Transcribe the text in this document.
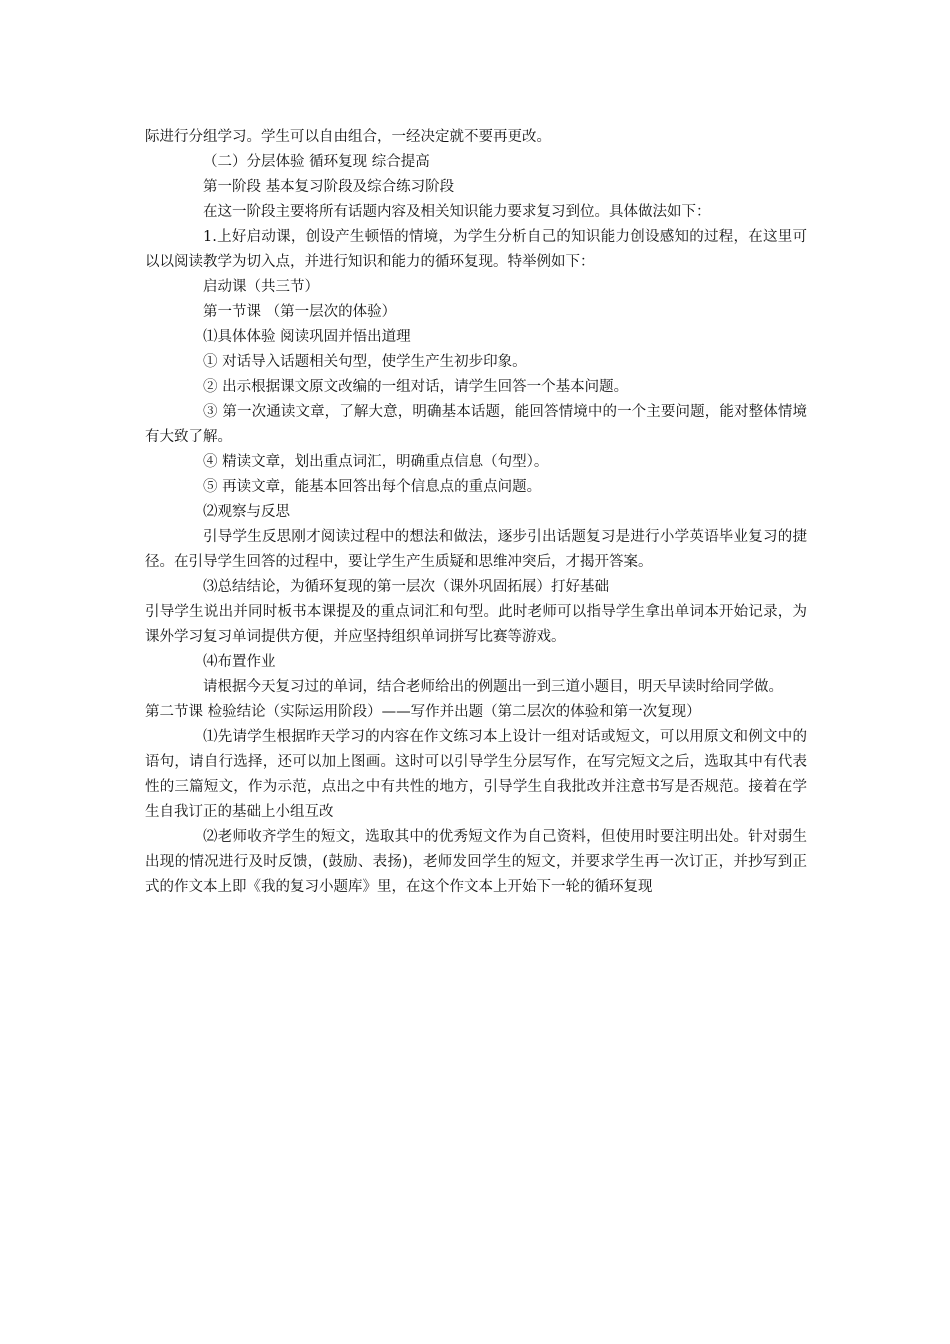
际进行分组学习。学生可以自由组合，一经决定就不要再更改。

（二）分层体验 循环复现 综合提高

第一阶段 基本复习阶段及综合练习阶段

在这一阶段主要将所有话题内容及相关知识能力要求复习到位。具体做法如下：

1.上好启动课，创设产生顿悟的情境，为学生分析自己的知识能力创设感知的过程，在这里可以以阅读教学为切入点，并进行知识和能力的循环复现。特举例如下：

启动课（共三节）

第一节课 （第一层次的体验）

⑴具体体验 阅读巩固并悟出道理

① 对话导入话题相关句型，使学生产生初步印象。

② 出示根据课文原文改编的一组对话，请学生回答一个基本问题。

③ 第一次通读文章，了解大意，明确基本话题，能回答情境中的一个主要问题，能对整体情境有大致了解。

④ 精读文章，划出重点词汇，明确重点信息（句型）。

⑤ 再读文章，能基本回答出每个信息点的重点问题。

⑵观察与反思

引导学生反思刚才阅读过程中的想法和做法，逐步引出话题复习是进行小学英语毕业复习的捷径。在引导学生回答的过程中，要让学生产生质疑和思维冲突后，才揭开答案。

⑶总结结论，为循环复现的第一层次（课外巩固拓展）打好基础

引导学生说出并同时板书本课提及的重点词汇和句型。此时老师可以指导学生拿出单词本开始记录，为课外学习复习单词提供方便，并应坚持组织单词拼写比赛等游戏。

⑷布置作业

请根据今天复习过的单词，结合老师给出的例题出一到三道小题目，明天早读时给同学做。

第二节课 检验结论（实际运用阶段）——写作并出题（第二层次的体验和第一次复现）

⑴先请学生根据昨天学习的内容在作文练习本上设计一组对话或短文，可以用原文和例文中的语句，请自行选择，还可以加上图画。这时可以引导学生分层写作，在写完短文之后，选取其中有代表性的三篇短文，作为示范，点出之中有共性的地方，引导学生自我批改并注意书写是否规范。接着在学生自我订正的基础上小组互改

⑵老师收齐学生的短文，选取其中的优秀短文作为自己资料，但使用时要注明出处。针对弱生出现的情况进行及时反馈，(鼓励、表扬)，老师发回学生的短文，并要求学生再一次订正，并抄写到正式的作文本上即《我的复习小题库》里，在这个作文本上开始下一轮的循环复现
